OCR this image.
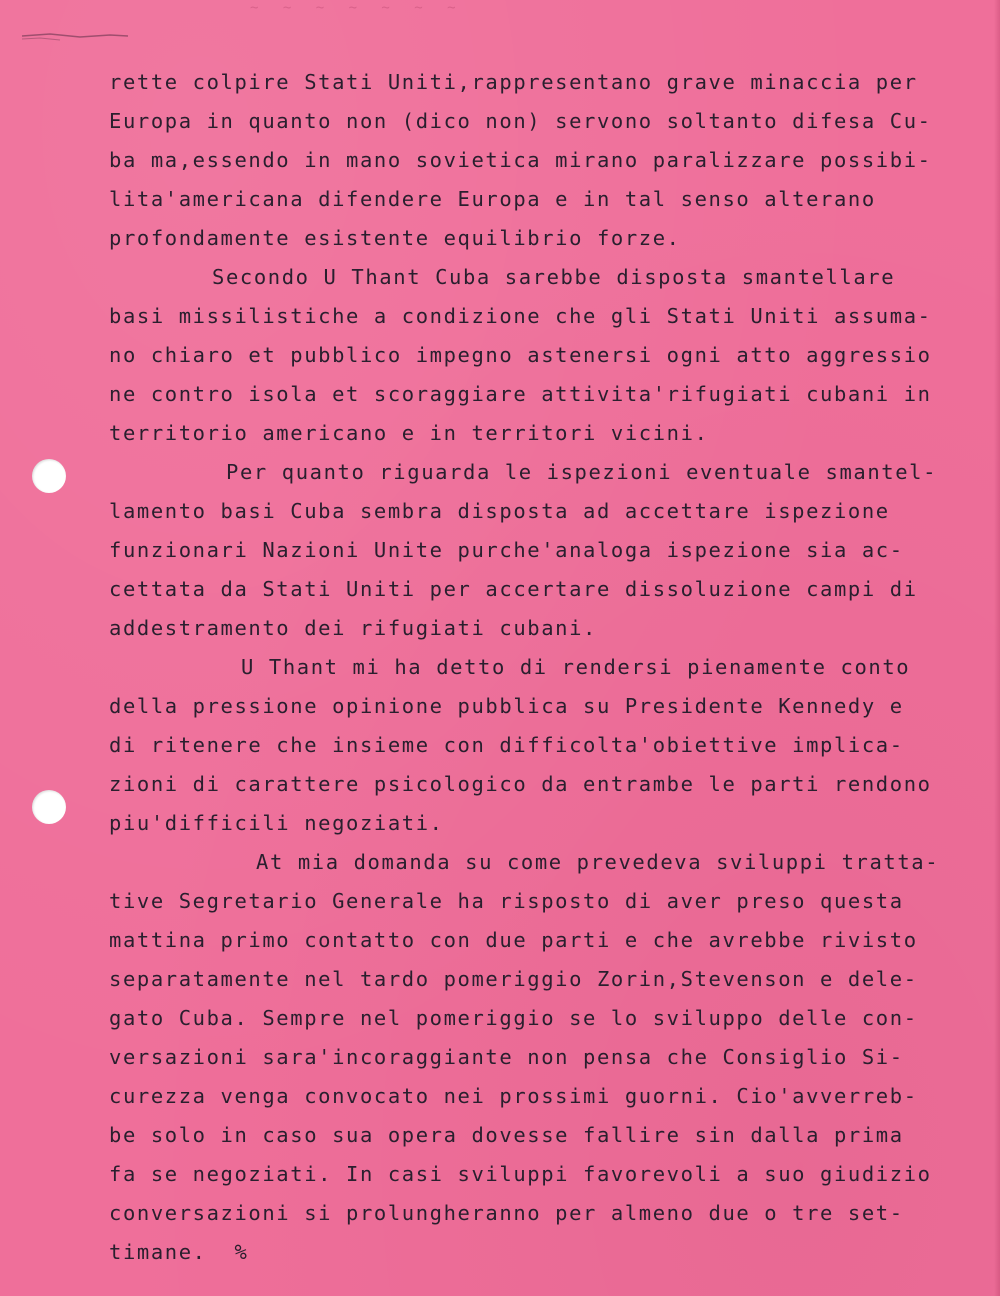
~ ~ ~ ~ ~ ~ ~
rette colpire Stati Uniti,rappresentano grave minaccia per
Europa in quanto non (dico non) servono soltanto difesa Cu-
ba ma,essendo in mano sovietica mirano paralizzare possibi-
lita'americana difendere Europa e in tal senso alterano
profondamente esistente equilibrio forze.
Secondo U Thant Cuba sarebbe disposta smantellare
basi missilistiche a condizione che gli Stati Uniti assuma-
no chiaro et pubblico impegno astenersi ogni atto aggressio
ne contro isola et scoraggiare attivita'rifugiati cubani in
territorio americano e in territori vicini.
Per quanto riguarda le ispezioni eventuale smantel-
lamento basi Cuba sembra disposta ad accettare ispezione
funzionari Nazioni Unite purche'analoga ispezione sia ac-
cettata da Stati Uniti per accertare dissoluzione campi di
addestramento dei rifugiati cubani.
U Thant mi ha detto di rendersi pienamente conto
della pressione opinione pubblica su Presidente Kennedy e
di ritenere che insieme con difficolta'obiettive implica-
zioni di carattere psicologico da entrambe le parti rendono
piu'difficili negoziati.
At mia domanda su come prevedeva sviluppi tratta-
tive Segretario Generale ha risposto di aver preso questa
mattina primo contatto con due parti e che avrebbe rivisto
separatamente nel tardo pomeriggio Zorin,Stevenson e dele-
gato Cuba. Sempre nel pomeriggio se lo sviluppo delle con-
versazioni sara'incoraggiante non pensa che Consiglio Si-
curezza venga convocato nei prossimi guorni. Cio'avverreb-
be solo in caso sua opera dovesse fallire sin dalla prima
fa se negoziati. In casi sviluppi favorevoli a suo giudizio
conversazioni si prolungheranno per almeno due o tre set-
timane.  %
